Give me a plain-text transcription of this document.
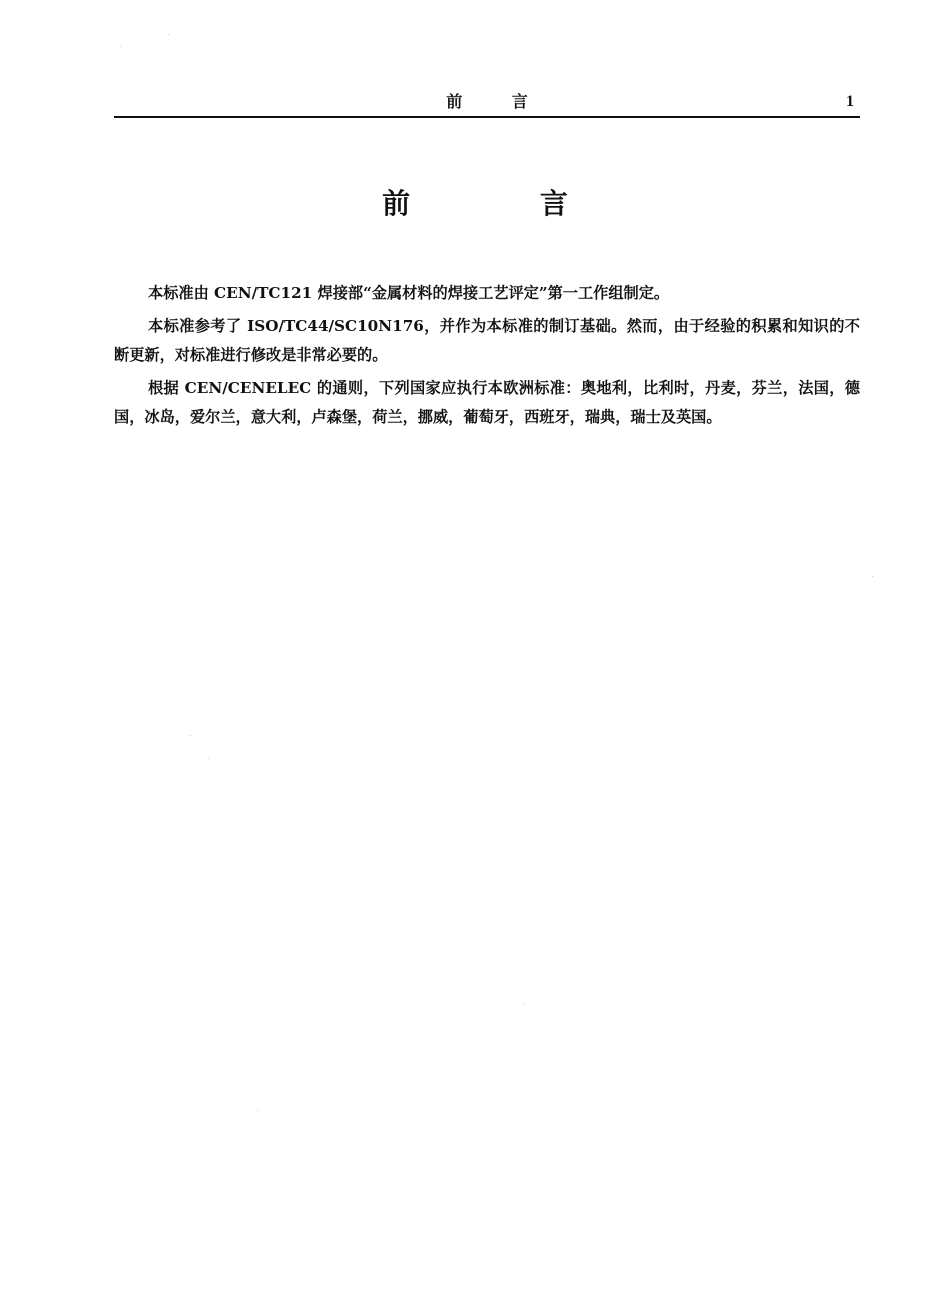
前 言	1
前 言

本标准由 CEN/TC121 焊接部“金属材料的焊接工艺评定”第一工作组制定。

本标准参考了 ISO/TC44/SC10N176，并作为本标准的制订基础。然而，由于经验的积累和知识的不断更新，对标准进行修改是非常必要的。

根据 CEN/CENELEC 的通则，下列国家应执行本欧洲标准：奥地利，比利时，丹麦，芬兰，法国，德国，冰岛，爱尔兰，意大利，卢森堡，荷兰，挪威，葡萄牙，西班牙，瑞典，瑞士及英国。
